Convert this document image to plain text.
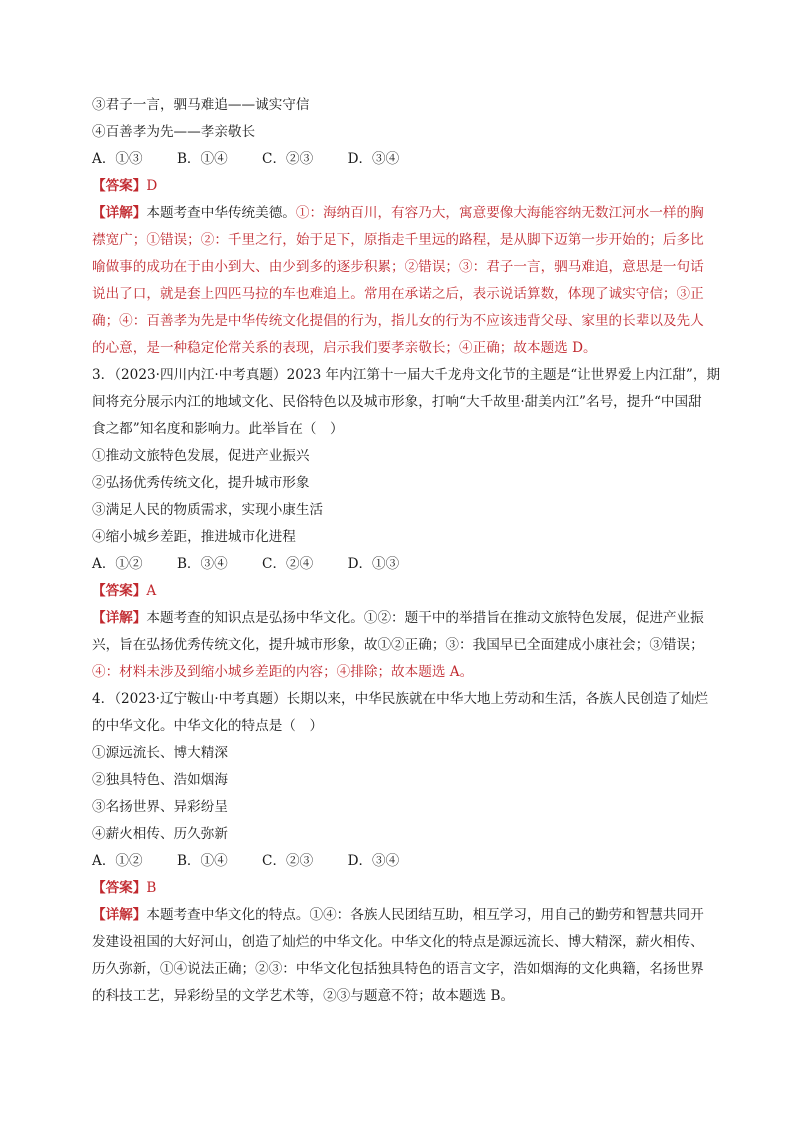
③君子一言，驷马难追——诚实守信
④百善孝为先——孝亲敬长
A．①③	B．①④	C．②③	D．③④
【答案】D
【详解】本题考查中华传统美德。①：海纳百川，有容乃大，寓意要像大海能容纳无数江河水一样的胸
襟宽广；①错误；②：千里之行，始于足下，原指走千里远的路程，是从脚下迈第一步开始的；后多比
喻做事的成功在于由小到大、由少到多的逐步积累；②错误；③：君子一言，驷马难追，意思是一句话
说出了口，就是套上四匹马拉的车也难追上。常用在承诺之后，表示说话算数，体现了诚实守信；③正
确；④：百善孝为先是中华传统文化提倡的行为，指儿女的行为不应该违背父母、家里的长辈以及先人
的心意，是一种稳定伦常关系的表现，启示我们要孝亲敬长；④正确；故本题选 D。
3．（2023·四川内江·中考真题）2023 年内江第十一届大千龙舟文化节的主题是“让世界爱上内江甜”，期
间将充分展示内江的地域文化、民俗特色以及城市形象，打响“大千故里·甜美内江”名号，提升“中国甜
食之都”知名度和影响力。此举旨在（　）
①推动文旅特色发展，促进产业振兴
②弘扬优秀传统文化，提升城市形象
③满足人民的物质需求，实现小康生活
④缩小城乡差距，推进城市化进程
A．①②	B．③④	C．②④	D．①③
【答案】A
【详解】本题考查的知识点是弘扬中华文化。①②：题干中的举措旨在推动文旅特色发展，促进产业振
兴，旨在弘扬优秀传统文化，提升城市形象，故①②正确；③：我国早已全面建成小康社会；③错误；
④：材料未涉及到缩小城乡差距的内容；④排除；故本题选 A。
4．（2023·辽宁鞍山·中考真题）长期以来，中华民族就在中华大地上劳动和生活，各族人民创造了灿烂
的中华文化。中华文化的特点是（　）
①源远流长、博大精深
②独具特色、浩如烟海
③名扬世界、异彩纷呈
④薪火相传、历久弥新
A．①②	B．①④	C．②③	D．③④
【答案】B
【详解】本题考查中华文化的特点。①④：各族人民团结互助，相互学习，用自己的勤劳和智慧共同开
发建设祖国的大好河山，创造了灿烂的中华文化。中华文化的特点是源远流长、博大精深，薪火相传、
历久弥新，①④说法正确；②③：中华文化包括独具特色的语言文字，浩如烟海的文化典籍，名扬世界
的科技工艺，异彩纷呈的文学艺术等，②③与题意不符；故本题选 B。
